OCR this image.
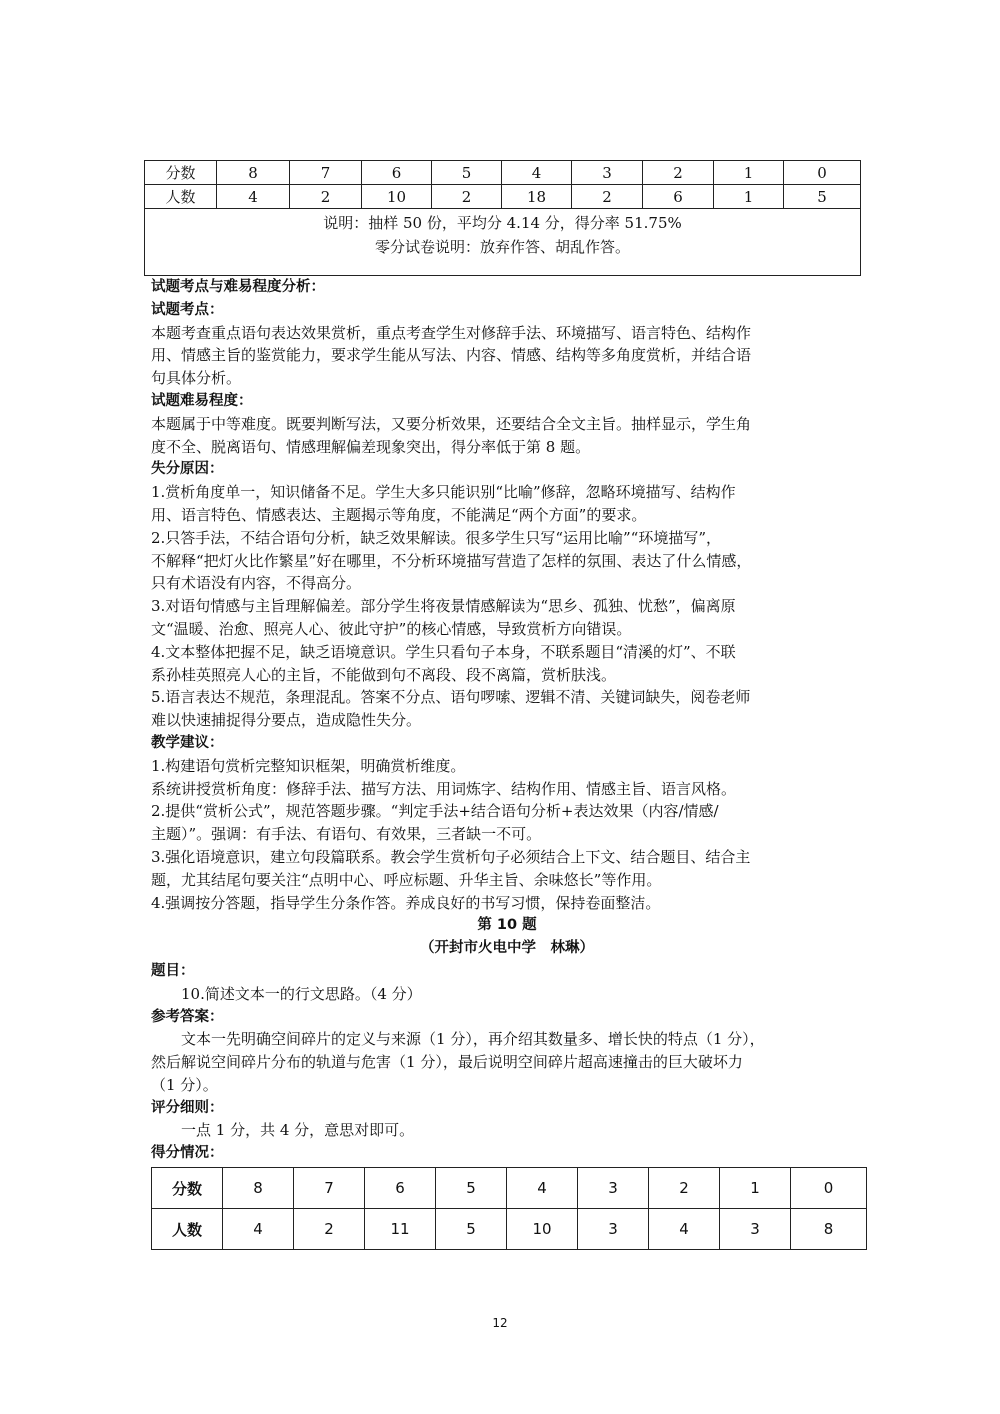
分数	8	7	6	5	4	3	2	1	0
人数	4	2	10	2	18	2	6	1	5

说明：抽样 50 份，平均分 4.14 分，得分率 51.75%
零分试卷说明：放弃作答、胡乱作答。									
试题考点与难易程度分析：
试题考点：
本题考查重点语句表达效果赏析，重点考查学生对修辞手法、环境描写、语言特色、结构作
用、情感主旨的鉴赏能力，要求学生能从写法、内容、情感、结构等多角度赏析，并结合语
句具体分析。
试题难易程度：
本题属于中等难度。既要判断写法，又要分析效果，还要结合全文主旨。抽样显示，学生角
度不全、脱离语句、情感理解偏差现象突出，得分率低于第 8 题。
失分原因：
1.赏析角度单一，知识储备不足。学生大多只能识别“比喻”修辞，忽略环境描写、结构作
用、语言特色、情感表达、主题揭示等角度，不能满足“两个方面”的要求。
2.只答手法，不结合语句分析，缺乏效果解读。很多学生只写“运用比喻”“环境描写”，
不解释“把灯火比作繁星”好在哪里，不分析环境描写营造了怎样的氛围、表达了什么情感，
只有术语没有内容，不得高分。
3.对语句情感与主旨理解偏差。部分学生将夜景情感解读为“思乡、孤独、忧愁”，偏离原
文“温暖、治愈、照亮人心、彼此守护”的核心情感，导致赏析方向错误。
4.文本整体把握不足，缺乏语境意识。学生只看句子本身，不联系题目“清溪的灯”、不联
系孙桂英照亮人心的主旨，不能做到句不离段、段不离篇，赏析肤浅。
5.语言表达不规范，条理混乱。答案不分点、语句啰嗦、逻辑不清、关键词缺失，阅卷老师
难以快速捕捉得分要点，造成隐性失分。
教学建议：
1.构建语句赏析完整知识框架，明确赏析维度。
系统讲授赏析角度：修辞手法、描写方法、用词炼字、结构作用、情感主旨、语言风格。
2.提供“赏析公式”，规范答题步骤。“判定手法+结合语句分析+表达效果（内容/情感/
主题）”。强调：有手法、有语句、有效果，三者缺一不可。
3.强化语境意识，建立句段篇联系。教会学生赏析句子必须结合上下文、结合题目、结合主
题，尤其结尾句要关注“点明中心、呼应标题、升华主旨、余味悠长”等作用。
4.强调按分答题，指导学生分条作答。养成良好的书写习惯，保持卷面整洁。
第 10 题
（开封市火电中学　林琳）
题目：
10.简述文本一的行文思路。（4 分）
参考答案：
文本一先明确空间碎片的定义与来源（1 分），再介绍其数量多、增长快的特点（1 分），
然后解说空间碎片分布的轨道与危害（1 分），最后说明空间碎片超高速撞击的巨大破坏力
（1 分）。
评分细则：
一点 1 分，共 4 分，意思对即可。
得分情况：
分数	8	7	6	5	4	3	2	1	0
人数	4	2	11	5	10	3	4	3	8
12
